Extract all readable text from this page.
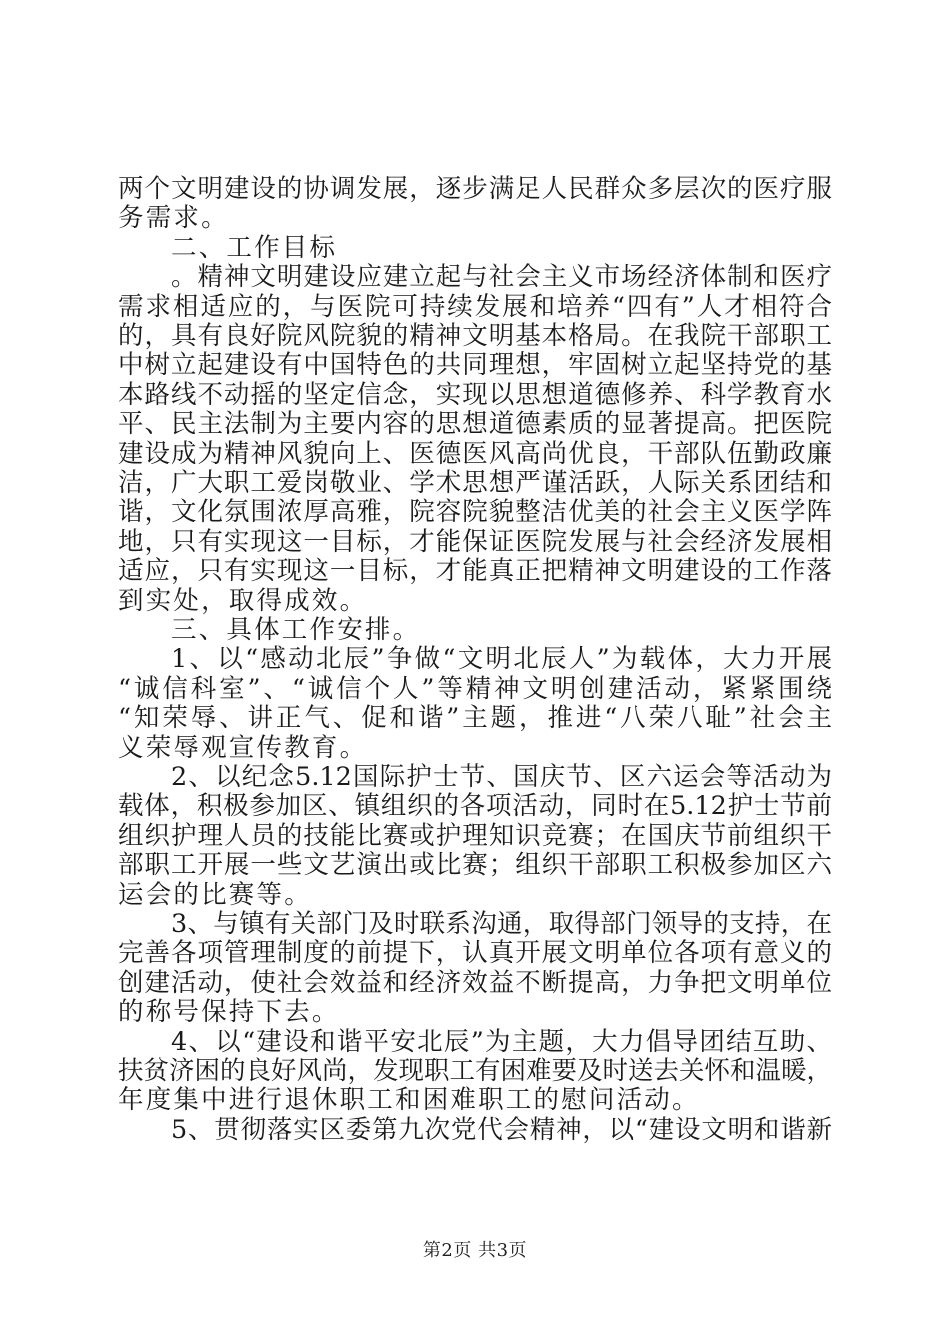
两个文明建设的协调发展，逐步满足人民群众多层次的医疗服
务需求。
二、工作目标
。精神文明建设应建立起与社会主义市场经济体制和医疗
需求相适应的，与医院可持续发展和培养“四有”人才相符合
的，具有良好院风院貌的精神文明基本格局。在我院干部职工
中树立起建设有中国特色的共同理想，牢固树立起坚持党的基
本路线不动摇的坚定信念，实现以思想道德修养、科学教育水
平、民主法制为主要内容的思想道德素质的显著提高。把医院
建设成为精神风貌向上、医德医风高尚优良，干部队伍勤政廉
洁，广大职工爱岗敬业、学术思想严谨活跃，人际关系团结和
谐，文化氛围浓厚高雅，院容院貌整洁优美的社会主义医学阵
地，只有实现这一目标，才能保证医院发展与社会经济发展相
适应，只有实现这一目标，才能真正把精神文明建设的工作落
到实处，取得成效。
三、具体工作安排。
1、以“感动北辰”争做“文明北辰人”为载体，大力开展
“诚信科室”、“诚信个人”等精神文明创建活动，紧紧围绕
“知荣辱、讲正气、促和谐”主题，推进“八荣八耻”社会主
义荣辱观宣传教育。
2、以纪念5.12国际护士节、国庆节、区六运会等活动为
载体，积极参加区、镇组织的各项活动，同时在5.12护士节前
组织护理人员的技能比赛或护理知识竞赛；在国庆节前组织干
部职工开展一些文艺演出或比赛；组织干部职工积极参加区六
运会的比赛等。
3、与镇有关部门及时联系沟通，取得部门领导的支持，在
完善各项管理制度的前提下，认真开展文明单位各项有意义的
创建活动，使社会效益和经济效益不断提高，力争把文明单位
的称号保持下去。
4、以“建设和谐平安北辰”为主题，大力倡导团结互助、
扶贫济困的良好风尚，发现职工有困难要及时送去关怀和温暖，
年度集中进行退休职工和困难职工的慰问活动。
5、贯彻落实区委第九次党代会精神，以“建设文明和谐新
第2页 共3页
